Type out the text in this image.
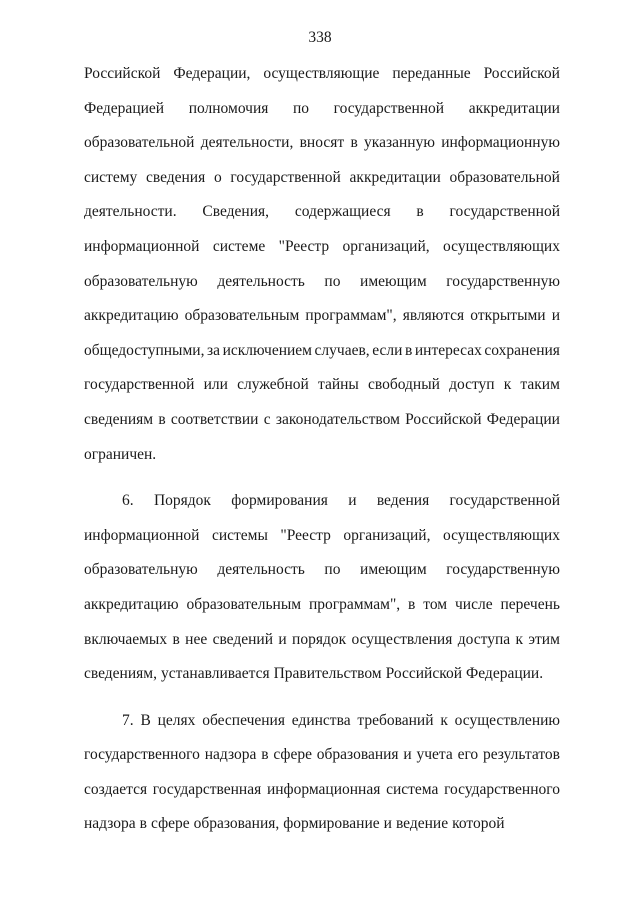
338
Российской Федерации, осуществляющие переданные Российской
Федерацией полномочия по государственной аккредитации
образовательной деятельности, вносят в указанную информационную
систему сведения о государственной аккредитации образовательной
деятельности. Сведения, содержащиеся в государственной
информационной системе "Реестр организаций, осуществляющих
образовательную деятельность по имеющим государственную
аккредитацию образовательным программам", являются открытыми и
общедоступными, за исключением случаев, если в интересах сохранения
государственной или служебной тайны свободный доступ к таким
сведениям в соответствии с законодательством Российской Федерации
ограничен.
6. Порядок формирования и ведения государственной
информационной системы "Реестр организаций, осуществляющих
образовательную деятельность по имеющим государственную
аккредитацию образовательным программам", в том числе перечень
включаемых в нее сведений и порядок осуществления доступа к этим
сведениям, устанавливается Правительством Российской Федерации.
7. В целях обеспечения единства требований к осуществлению
государственного надзора в сфере образования и учета его результатов
создается государственная информационная система государственного
надзора в сфере образования, формирование и ведение которой
